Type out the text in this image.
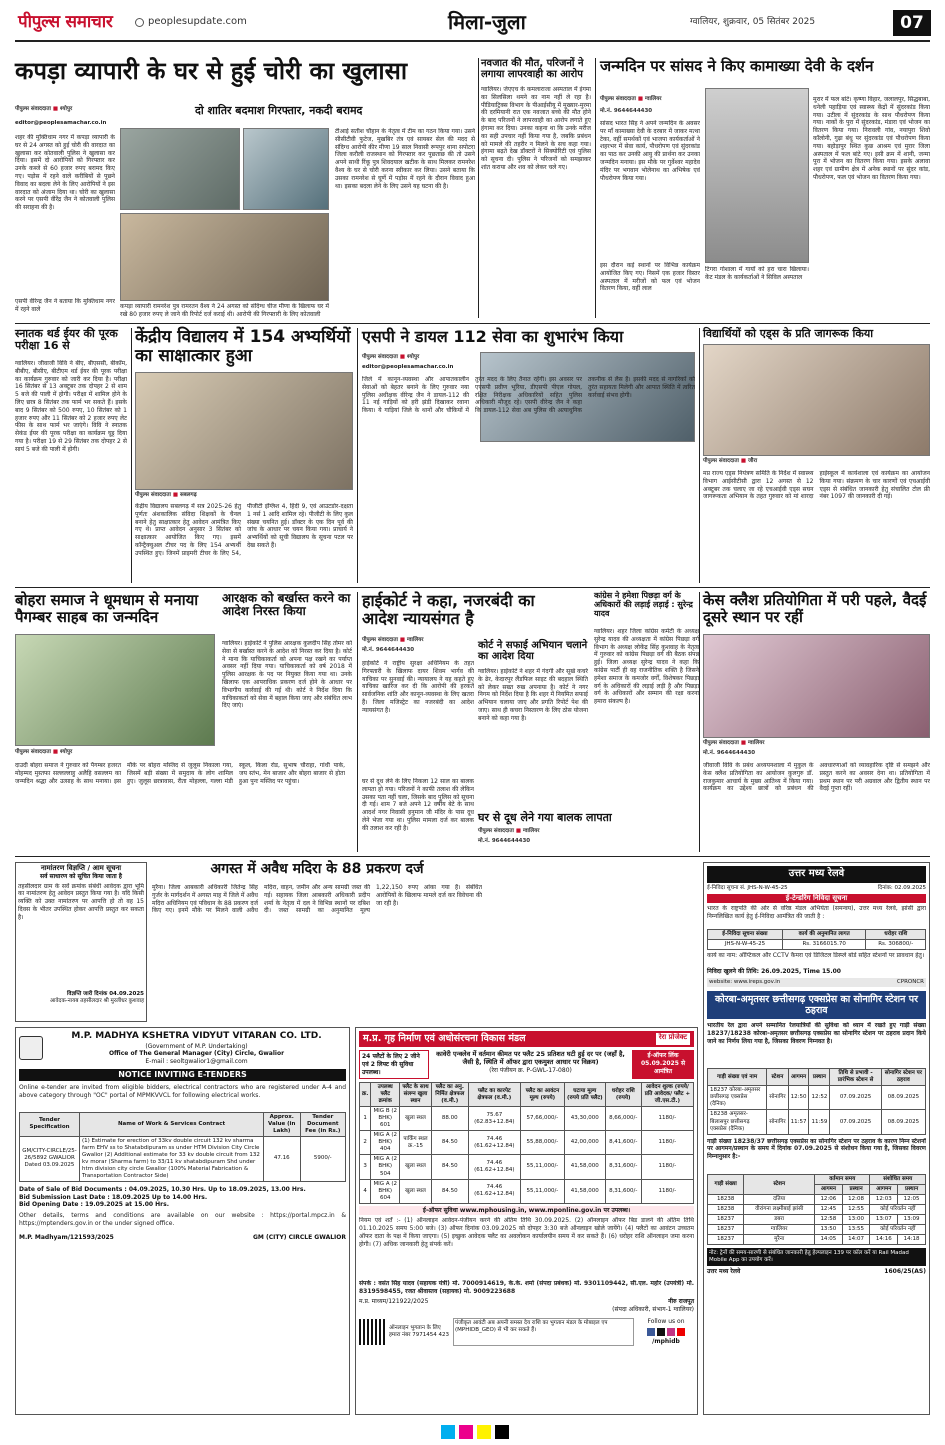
पीपुल्स समाचार	peoplesupdate.com	मिला-जुला	ग्वालियर, शुक्रवार, 05 सितंबर 2025	07
कपड़ा व्यापारी के घर से हुई चोरी का खुलासा
पीपुल्स संवाददाता ■ श्योपुर	दो शातिर बदमाश गिरफ्तार, नकदी बरामद
editor@peoplesamachar.co.in
शहर की मुक्तिधाम नगर में कपड़ा व्यापारी के घर से 24 अगस्त को हुई चोरी की वारदात का खुलासा कर कोतवाली पुलिस ने खुलासा कर दिया। इसमें दो आरोपियों को गिरफ्तार कर उनके कब्जे से 60 हजार रुपए बरामद किए गए। पड़ोस में रहने वाले करीबियों से पूछने विवाद का बदला लेने के लिए आरोपियों ने इस वारदात को अंजाम दिया था। चोरी का खुलासा करने पर एसपी वीरेंद्र जैन ने कोतवाली पुलिस की सराहना की है।
एसपी वीरेन्द्र जैन ने बताया कि मुक्तिधाम नगर में रहने वाले	कपड़ा व्यापारी रामनरेश पुत्र रामरतन वैश्य ने 24 अगस्त को संदिग्ध चीज मीणा के खिलाफ घर में रखे 80 हजार रुपए ले जाने की रिपोर्ट दर्ज कराई थी। आरोपी की गिरफ्तारी के लिए कोतवाली
टीआई सतीश चौहान के नेतृत्व में टीम का गठन किया गया। उसने सीसीटीवी फुटेज, मुखबिर तंत्र एवं सायबर सेल की मदद से संदिग्ध आरोपी कीर मीणा 19 साल निवासी रूपपुर थाना सपोटरा जिला करौली राजस्थान को गिरफ्तार कर पूछताछ की तो उसने अपने साथी रिंकू पुत्र शिवदयाल खटीक के साथ मिलकर रामनरेश वैश्य के घर से चोरी करना स्वीकार कर लिया। उसने बताया कि उसका रामनरेश से घूर्णे में पड़ोस में रहने के दौरान विवाद हुआ था। इसका बदला लेने के लिए उसने यह घटना की है।
नवजात की मौत, परिजनों ने लगाया लापरवाही का आरोप
ग्वालियर। जेएएच के कमलाराजा अस्पताल में इंगमा का सिलसिला थमने का नाम नहीं ले रहा है। पीडियाट्रिक्स विभाग के पीआईसीयू में मुख्यार-मुरमा की दरमियानी रात एक नवजात बच्चे की मौत होने के बाद परिजनों ने लापरवाही का आरोप लगाते हुए हंगामा कर दिया। उनका कहना था कि उनके मरीज का सही उपचार नहीं किया गया है, जबकि प्रबंधन को मामले की तहरीर न मिलने के सच कहा गया। हंगामा बढ़ते देख डॉक्टरों ने सिक्योरिटी एवं पुलिस को सूचना दी। पुलिस ने परिजनों को समझाकर शांत कराया और शव को लेकर चले गए।
जन्मदिन पर सांसद ने किए कामाख्या देवी के दर्शन
पीपुल्स संवाददाता ■ ग्वालियर
मो.नं. 9644644430
सांसद भारत सिंह ने अपने जन्मदिन के अवसर पर माँ कामाख्या देवी के दरबार में जाकर मत्था टेका, वहीं समर्थकों एवं भाजपा कार्यकर्ताओं ने शहरभर में सेवा कार्य, पौधरोपण एवं सुंदरकांड का पाठ कर उनकी आयु की प्रार्थना कर उनका जन्मदिन मनाया। इस मौके पर गुर्वेश्वर महादेव मंदिर पर भगवान भोलेनाथ का अभिषेक एवं पौधरोपण किया गया।
इस दौरान कई स्थानों पर विभिन्न कार्यक्रम आयोजित किए गए। निसमें एक हजार विस्तर अस्पताल में मरीजों को फल एवं भोजन वितरण किया, वहीं लाल
टिगरा गोशाला में गायों को हरा चारा खिलाया। केंट मंडल के कार्यकर्ताओं ने सिविल अस्पताल
मुरार में फल बांटे। कृष्णा विहार, जलालपुर, सिद्धबाबा, धनेली पहाड़िया एवं स्वास्थ्य केंद्रों में सुंदरकांड किया गया। उटीला में सुंदरकांड के साथ पौधरोपण किया गया। नाकों के पुरा में सुंदरकांड, मंडारा एवं भोजन का वितरण किया गया। निरावली गांव, नयापुरा शिवो कॉलोनी, गुढ़ा बंधु पर सुंदरकांड एवं पौधरोपण किया गया। बहोड़ापुर स्थित कुछ आश्रम एवं मुरार जिला अस्पताल में फल बांटे गए। इसी क्रम में शानी, जन्मा पूरा में भोजन का वितरण किया गया। इसके अलावा शहर एवं ग्रामीण क्षेत्र में अनेक स्थानों पर सुंदर कांड, पौधरोपण, फल एवं भोजन का वितरण किया गया।
स्नातक थर्ड ईयर की पूरक परीक्षा 16 से
ग्वालियर। जीवाजी विवि ने बीए, बीएससी, बीकॉम, बीबीए, बीसीए, बीटीएम थर्ड ईयर की पूरक परीक्षा का कार्यक्रम गुरुवार को जारी कर दिया है। परीक्षा 16 सितंबर से 13 अक्टूबर तक दोपहर 2 से शाम 5 बजे की पाली में होगी। परीक्षा में शामिल होने के लिए छात्र 8 सितंबर तक फार्म भर सकते हैं। इसके बाद 9 सितंबर को 500 रुपए, 10 सितंबर को 1 हजार रुपए और 11 सितंबर को 2 हजार रुपए लेट फीस के साथ फार्म भर जाएंगे। विवि ने स्नातक सेकंड ईयर की पूरक परीक्षा का कार्यक्रम घुट्ट दिया गया है। परीक्षा 19 से 29 सितंबर तक दोपहर 2 से सायं 5 बजे की पाली में होगी।
केंद्रीय विद्यालय में 154 अभ्यर्थियों का साक्षात्कार हुआ
पीपुल्स संवाददाता ■ सबलगढ़
केंद्रीय विद्यालय सबलगढ़ में सत्र 2025-26 हेतु पूर्णतः अंशकालिक संविदा शिक्षकों के चैनल बनाने हेतु साक्षात्कार हेतु आवेदन आमंत्रित किए गए थे। प्राप्त आवेदन अनुसार 3 सितंबर को साक्षात्कार आयोजित किए गए। इसमें कॉन्ट्रैक्चुअल टीचर पद के लिए 154 अभ्यर्थी उपस्थित हुए। जिनमें प्राइमरी टीचर के लिए 54, पीजीटी इंग्लिश 4, हिंदी 9, एवं आउटडोर-दक्षता 1 नर्स 1 आदि शामिल रहे। पीजीटी के लिए कुल संख्या चयनित हुई। डॉक्टर के एक दिन पूर्व की जांच के आधार पर चयन किया गया। प्राचार्य ने अभ्यर्थियों को सूची विद्यालय के सूचना पटल पर देख सकते हैं।
एसपी ने डायल 112 सेवा का शुभारंभ किया
पीपुल्स संवाददाता ■ श्योपुर
editor@peoplesamachar.co.in
जिले में कानून-व्यवस्था और आपातकालीन सेवाओं को बेहतर बनाने के लिए गुरुवार नया पुलिस अधीक्षक वीरेन्द्र जैन ने डायल-112 की 11 नई गाड़ियों को हरी झंडी दिखाकर रवाना किया। ये गाड़ियां जिले के थानों और चौकियों में तुरंत मदद के लिए तैनात रहेंगी। इस अवसर पर एएसपी प्रवीण भूरिया, डीएसपी पीएल गोयल, रक्षित निरीक्षक अधिकारियों सहित पुलिस अधिकारी मौजूद रहे। एसपी वीरेन्द्र जैन ने कहा कि डायल-112 सेवा अब पुलिस की अत्याधुनिक तकनीक से लैस है। इसकी मदद से नागरिकों को तुरंत सहायता मिलेगी और आपात स्थिति में त्वरित कार्रवाई संभव होगी।
विद्यार्थियों को एड्स के प्रति जागरूक किया
पीपुल्स संवाददाता ■ जौरा
मप्र राज्य एड्स नियंत्रण समिति के निर्देश में स्वास्थ्य विभाग आईसीटीसी द्वारा 12 अगस्त से 12 अक्टूबर तक चलाए जा रहे एचआईवी एड्स सघन जागरूकता अभियान के तहत गुरुवार को मां शारदा हाईस्कूल में कार्यशाला एवं कार्यक्रम का आयोजन किया गया। संक्रमण के चार कारणों एवं एचआईवी एड्स से संबंधित जानकारी हेतु संचालित टोल फ्री नंबर 1097 की जानकारी दी गई।
बोहरा समाज ने धूमधाम से मनाया पैगम्बर साहब का जन्मदिन
पीपुल्स संवाददाता ■ श्योपुर
दाउदी बोहरा समाज ने गुरुवार को पैगम्बर हजरत मोहम्मद मुस्तफा सल्लल्लाहु अलैहि वसल्लम का जन्मदिन श्रद्धा और उत्साह के साथ मनाया। इस मौके पर बोहरा मस्जिद से जुलूस निकाला गया, जिसमें बड़ी संख्या में समुदाय के लोग शामिल हुए। जुलूस छात्रावास, रीता मोहल्ला, गल्ला मंडी स्कूल, किला रोड, सुभाष चौराहा, गांधी पार्क, जय स्तंभ, मेन बाजार और बोहरा बाजार से होता हुआ पुनः मस्जिद पर पहुंचा।
आरक्षक को बर्खास्त करने का आदेश निरस्त किया
ग्वालियर। हाईकोर्ट ने पुलिस आरक्षक कुलदीप सिंह तोमर को सेवा से बर्खास्त करने के आदेश को निरस्त कर दिया है। कोर्ट ने माना कि याचिकाकर्ता को अपना पक्ष रखने का पर्याप्त अवसर नहीं दिया गया। याचिकाकर्ता को वर्ष 2018 में पुलिस आरक्षक के पद पर नियुक्त किया गया था। उनके खिलाफ एक आपराधिक प्रकरण दर्ज होने के आधार पर विभागीय कार्रवाई की गई थी। कोर्ट ने निर्देश दिया कि याचिकाकर्ता को सेवा में बहाल किया जाए और संबंधित लाभ दिए जाएं।
हाईकोर्ट ने कहा, नजरबंदी का आदेश न्यायसंगत है
पीपुल्स संवाददाता ■ ग्वालियर
मो.नं. 9644644430
हाईकोर्ट ने राष्ट्रीय सुरक्षा अधिनियम के तहत गिरफ्तारी के खिलाफ दायर शिवम भार्गव की याचिका पर सुनवाई की। न्यायालय ने यह कहते हुए याचिका खारिज कर दी कि आरोपी की हरकतें सार्वजनिक शांति और कानून-व्यवस्था के लिए खतरा हैं। जिला मजिस्ट्रेट का नजरबंदी का आदेश न्यायसंगत है।
कोर्ट ने सफाई अभियान चलाने का आदेश दिया
ग्वालियर। हाईकोर्ट ने शहर में गंदगी और सूखे कचरे के ढेर, केदारपुर लैंडफिल साइट की बदहाल स्थिति को लेकर सख्त रुख अपनाया है। कोर्ट ने नगर निगम को निर्देश दिया है कि शहर में नियमित सफाई अभियान चलाया जाए और प्रगति रिपोर्ट पेश की जाए। साथ ही कचरा निस्तारण के लिए ठोस योजना बनाने को कहा गया है।
कांग्रेस ने हमेशा पिछड़ा वर्ग के अधिकारों की लड़ाई लड़ाई : सुरेन्द्र यादव
ग्वालियर। शहर जिला कांग्रेस कमेटी के अध्यक्ष सुरेन्द्र यादव की अध्यक्षता में कांग्रेस पिछड़ा वर्ग विभाग के अध्यक्ष लोकेंद्र सिंह कुशवाह के नेतृत्व में गुरुवार को कांग्रेस पिछड़ा वर्ग की बैठक संपन्न हुई। जिला अध्यक्ष सुरेन्द्र यादव ने कहा कि कांग्रेस पार्टी ही वह राजनीतिक शक्ति है जिसने हमेशा समाज के कमजोर वर्गों, विशेषकर पिछड़ा वर्ग के अधिकारों की लड़ाई लड़ी है और पिछड़ा वर्ग के अधिकारों और सम्मान की रक्षा करना हमारा संकल्प है।
केस क्लैश प्रतियोगिता में परी पहले, वैदई दूसरे स्थान पर रहीं
पीपुल्स संवाददाता ■ ग्वालियर
मो.नं. 9644644430
जीवाजी विवि के प्रबंध अध्ययनशाला में मुकुल के केस क्लैश प्रतियोगिता का आयोजन कुलगुरु डॉ. राजकुमार आचार्य के मुख्य आतिथ्य में किया गया। कार्यक्रम का उद्देश्य छात्रों को प्रबंधन की अवधारणाओं को व्यावहारिक दृष्टि से समझने और प्रस्तुत करने का अवसर देना था। प्रतियोगिता में प्रथम स्थान पर परी अग्रवाल और द्वितीय स्थान पर वैदई गुप्ता रहीं।
घर से दूध लेने गया बालक लापता
पीपुल्स संवाददाता ■ ग्वालियर
मो.नं. 9644644430
घर से दूध लेने के लिए निकला 12 साल का बालक लापता हो गया। परिजनों ने काफी तलाश की लेकिन उसका पता नहीं चला, जिसके बाद पुलिस को सूचना दी गई। शाम 7 बजे अपने 12 वर्षीय बेटे के साथ आदर्श नगर निवासी हनुमान जी मंदिर के पास दूध लेने भेजा गया था। पुलिस मामला दर्ज कर बालक की तलाश कर रही है।
नामांतरण विज्ञप्ति / आम सूचना
सर्व साधारण को सूचित किया जाता है
तहसीलदार ग्राम के सर्वे क्रमांक संबंधी आवेदक द्वारा भूमि का नामांतरण हेतु आवेदन प्रस्तुत किया गया है। यदि किसी व्यक्ति को उक्त नामांतरण पर आपत्ति हो तो वह 15 दिवस के भीतर उपस्थित होकर आपत्ति प्रस्तुत कर सकता है।
विज्ञप्ति जारी दिनांक 04.09.2025
आवेदक-नायब तहसीलदार श्री मुरलीधर कुशवाह
अगस्त में अवैध मदिरा के 88 प्रकरण दर्ज
मुरैना। जिला आबकारी अधिकारी जितेन्द्र सिंह गुर्जर के मार्गदर्शन में अगस्त माह में जिले में अवैध मदिरा अधिनियम एवं पविधान के 88 प्रकरण दर्ज किए गए। इनमें मौके पर मिलने वाली अवैध मदिरा, वाहन, जमीन और अन्य सामग्री जब्त की गई। सहायक जिला आबकारी अधिकारी प्रदीप शर्मा के नेतृत्व में दल ने विभिन्न स्थानों पर दबिश दी। जब्त सामग्री का अनुमानित मूल्य 1,22,150 रुपए आंका गया है। संबंधित आरोपियों के खिलाफ मामले दर्ज कर विवेचना की जा रही है।
M.P. MADHYA KSHETRA VIDYUT VITARAN CO. LTD.
(Government of M.P. Undertaking)
Office of The General Manager (City) Circle, Gwalior
E-mail : seoltgwalior1@gmail.com
NOTICE INVITING E-TENDERS
Online e-tender are invited from eligible bidders, electrical contractors who are registered under A-4 and above category through "OC" portal of MPMKVVCL for following electrical works.
Tender Specification	Name of Work & Services Contract	Approx. Value (in Lakh)	Tender Document Fee (in Rs.)
GM/CITY-CIRCLE/25-26/5892 GWALIOR Dated 03.09.2025	(1) Estimate for erection of 33kv double circuit 132 kv sharma farm EHV ss to Shatabdipuram ss under HTM Division City Circle Gwalior (2) Additional estimate for 33 kv double circuit from 132 kv morar (Sharma farm) to 33/11 kv shatabdipuram Shd under htm division city circle Gwalior (100% Material Fabrication & Transportation Contractor Side)	47.16	5900/-
Date of Sale of Bid Documents : 04.09.2025, 10.30 Hrs. Up to 18.09.2025, 13.00 Hrs.
Bid Submission Last Date : 18.09.2025 Up to 14.00 Hrs.
Bid Opening Date : 19.09.2025 at 15.00 Hrs.
Other details, terms and conditions are available on our website : https://portal.mpcz.in & https://mptenders.gov.in or the under signed office.
M.P. Madhyam/121593/2025	GM (CITY) CIRCLE GWALIOR
म.प्र. गृह निर्माण एवं अधोसंरचना विकास मंडल	रेरा प्रोजेक्ट
24 फ्लैटों के लिए 2 जीने एवं 2 लिफ्ट की सुविधा उपलब्ध।
कावेरी एन्क्लेव में वर्तमान कीमत पर फ्लैट 25 प्रतिशत घटी हुई दर पर (जहाँ है, जैसी है, स्थिति में ऑफर द्वारा एकमुश्त आधार पर विक्रय)
(रेरा पंजीयन क्र. P-GWL-17-080)
ई-ऑफर लिंक 05.09.2025 से आमंत्रित
क्र.	उपलब्ध फ्लैट क्रमांक	फ्लैट के साथ संलग्न खुला स्थान	फ्लैट का अनु. निर्मित क्षेत्रफल (व.मी.)	फ्लैट का कारपेट क्षेत्रफल (व.मी.)	फ्लैट का आवंटन मूल्य (रुपये)	घटाया मूल्य (रुपये प्रति फ्लैट)	धरोहर राशि (रुपये)	आवेदन शुल्क (रुपये/प्रति आवेदक/ फ्लैट + जी.एस.टी.)
1	MIG B (2 BHK) 601	खुला स्थल	88.00	75.67 (62.83+12.84)	57,66,000/-	43,30,000	8,66,000/-	1180/-
2	MIG A (2 BHK) 404	पार्किंग स्थल क्र.-15	84.50	74.46 (61.62+12.84)	55,88,000/-	42,00,000	8,41,600/-	1180/-
3	MIG A (2 BHK) 504	खुला स्थल	84.50	74.46 (61.62+12.84)	55,11,000/-	41,58,000	8,31,600/-	1180/-
4	MIG A (2 BHK) 604	खुला स्थल	84.50	74.46 (61.62+12.84)	55,11,000/-	41,58,000	8,31,600/-	1180/-
ई-ऑफर सुविधा www.mphousing.in, www.mponline.gov.in पर उपलब्ध।
नियम एवं शर्तें :- (1) ऑनलाइन आवेदन-पंजीयन करने की अंतिम तिथि 30.09.2025. (2) ऑनलाइन ऑफर बिड डालने की अंतिम तिथि 01.10.2025 समय 5:00 बजे। (3) ऑफर दिनांक 03.09.2025 को दोपहर 3:30 बजे ऑनलाइन खोले जायेंगे। (4) फ्लैटों का आवंटन उच्चतम ऑफर दाता के पक्ष में किया जाएगा। (5) इच्छुक आवेदक फ्लैट का अवलोकन कार्यालयीन समय में कर सकते हैं। (6) धरोहर राशि ऑनलाइन जमा करना होगी। (7) अधिक जानकारी हेतु संपर्क करें।
संपर्क : वसंत सिंह यादव (सहायक यंत्री) मो. 7000914619, के.के. शर्मा (संपदा प्रबंधक) मो. 9301109442, सी.एल. महोर (उपयंत्री) मो. 8319598455, रजत श्रीवास्तव (सहायक) मो. 9009223688
म.प्र. माध्यम/121922/2025	नीरु राजपूत
(संपदा अधिकारी, संभाग-1 ग्वालियर)
ऑनलाइन भुगतान के लिए हमारा नंबर 7971454 423
पंजीकृत आवंटी अब अपनी समस्त देय राशि का भुगतान मंडल के मोबाइल एप (MPHIDB_GEO) से भी कर सकते हैं।
Follow us on
/mphidb
उत्तर मध्य रेलवे
ई-निविदा सूचना सं. JHS-N-W-45-25	दिनांक: 02.09.2025
ई-टेन्डरिंग निविदा सूचना
भारत के राष्ट्रपति की ओर से वरिष्ठ मंडल अभियंता (समन्वय), उत्तर मध्य रेलवे, झांसी द्वारा निम्नलिखित कार्य हेतु ई-निविदा आमंत्रित की जाती है :
ई-निविदा सूचना संख्या	कार्य की अनुमानित लागत	धरोहर राशि
JHS-N-W-45-25	Rs. 3166015.70	Rs. 306800/-
कार्य का नाम: ऑप्टिकल और CCTV कैमरा एवं डिजिटल डिस्प्ले बोर्ड सहित स्टेशनों पर प्रावधान हेतु।
निविदा खुलने की तिथि: 26.09.2025, Time 15.00
website: www.ireps.gov.in	CPRONCR
कोरबा-अमृतसर छत्तीसगढ़ एक्सप्रेस का सोनागिर स्टेशन पर ठहराव
भारतीय रेल द्वारा अपने सम्मानित रेलयात्रियों की सुविधा को ध्यान में रखते हुए गाड़ी संख्या 18237/18238 कोरबा-अमृतसर छत्तीसगढ़ एक्सप्रेस का सोनागिर स्टेशन पर ठहराव प्रदान किये जाने का निर्णय लिया गया है, जिसका विवरण निम्नवत है।
गाड़ी संख्या एवं नाम	स्टेशन	आगमन	प्रस्थान	तिथि से प्रभावी - प्रारंभिक स्टेशन से	सोनागिर स्टेशन पर ठहराव
18237 कोरबा-अमृतसर छत्तीसगढ़ एक्सप्रेस (दैनिक)	सोनागिर	12:50	12:52	07.09.2025	08.09.2025
18238 अमृतसर-बिलासपुर छत्तीसगढ़ एक्सप्रेस (दैनिक)	सोनागिर	11:57	11:59	07.09.2025	08.09.2025
गाड़ी संख्या 18238/37 छत्तीसगढ़ एक्सप्रेस का सोनागिर स्टेशन पर ठहराव के कारण निम्न स्टेशनों पर आगमन/प्रस्थान के समय में दिनांक 07.09.2025 से संशोधन किया गया है, जिसका विवरण निम्नानुसार है:-
गाड़ी संख्या	स्टेशन	वर्तमान समय		संशोधित समय	
		आगमन	प्रस्थान	आगमन	प्रस्थान
18238	दतिया	12:06	12:08	12:03	12:05
18238	वीरांगना लक्ष्मीबाई झांसी	12:45	12:55	कोई परिवर्तन नहीं	
18237	डबरा	12:58	13:00	13:07	13:09
18237	ग्वालियर	13:50	13:55	कोई परिवर्तन नहीं	
18237	मुरैना	14:05	14:07	14:16	14:18
नोट: ट्रेनों की समय-सारणी से संबंधित जानकारी हेतु हेल्पलाइन 139 पर कॉल करें या Rail Madad Mobile App का उपयोग करें।
उत्तर मध्य रेलवे	1606/25(AS)
